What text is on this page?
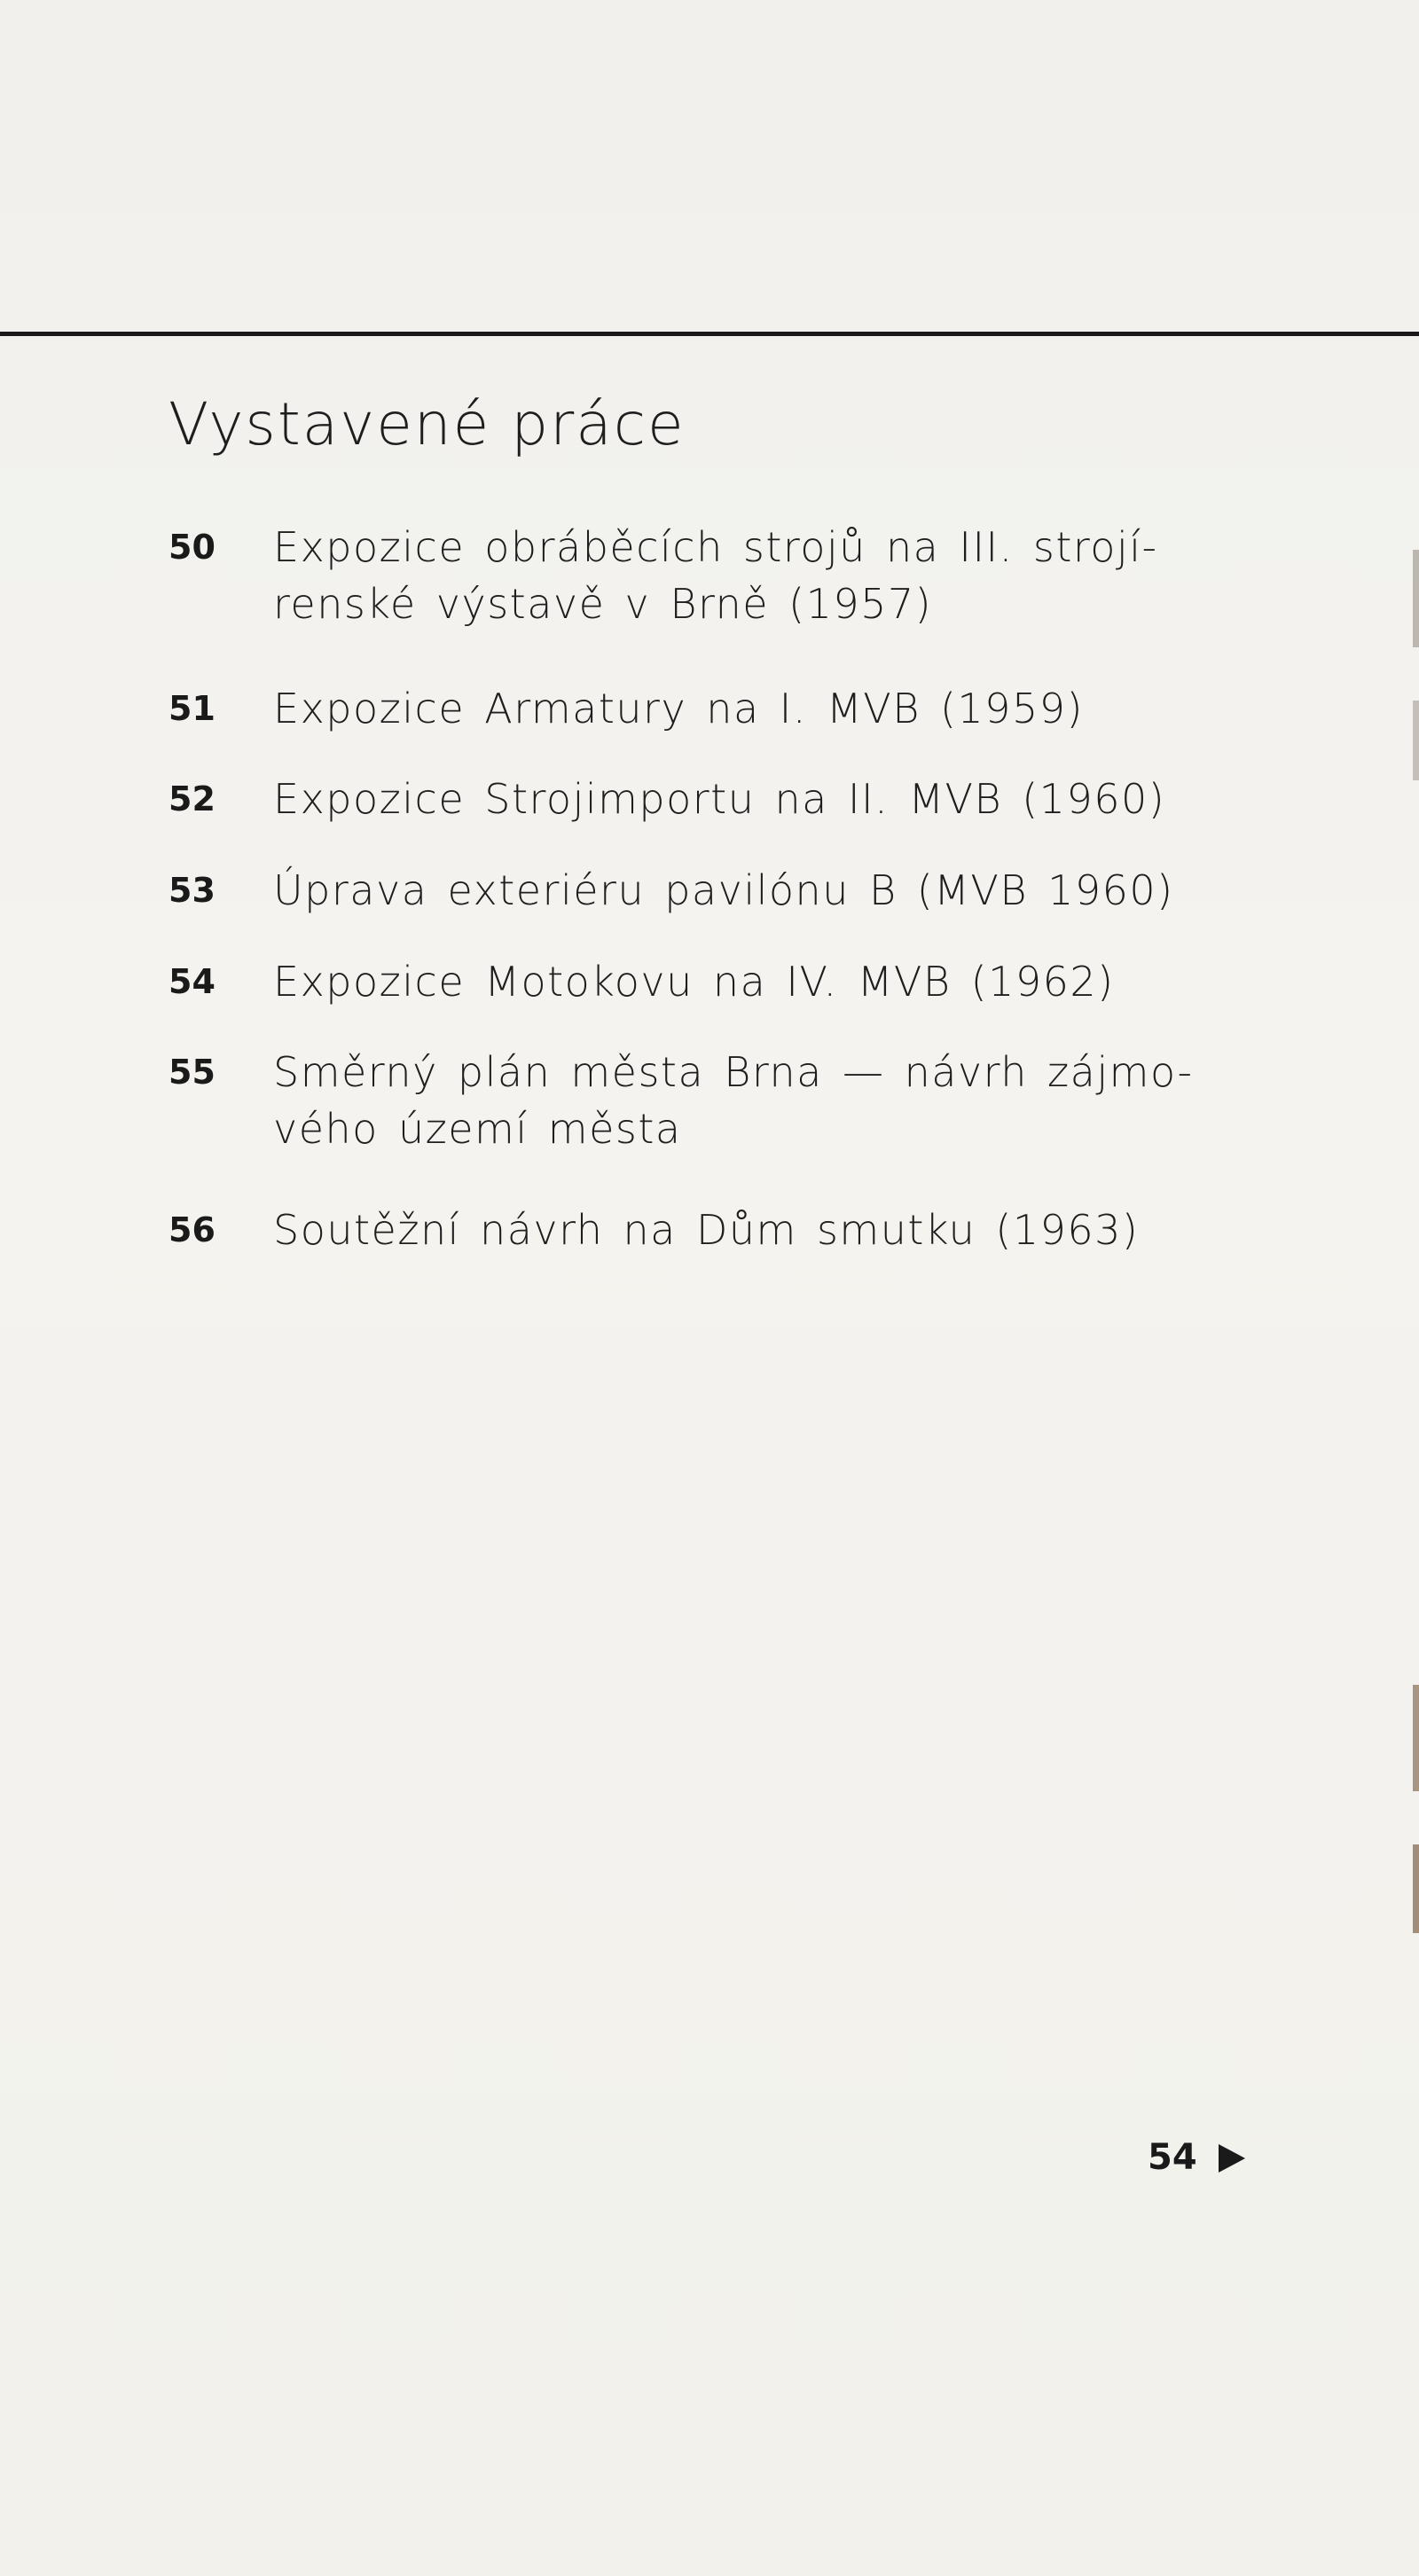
Vystavené práce
50 Expozice obráběcích strojů na III. strojí-
renské výstavě v Brně (1957)
51 Expozice Armatury na I. MVB (1959)
52 Expozice Strojimportu na II. MVB (1960)
53 Úprava exteriéru pavilónu B (MVB 1960)
54 Expozice Motokovu na IV. MVB (1962)
55 Směrný plán města Brna — návrh zájmo-
vého území města
56 Soutěžní návrh na Dům smutku (1963)
54
